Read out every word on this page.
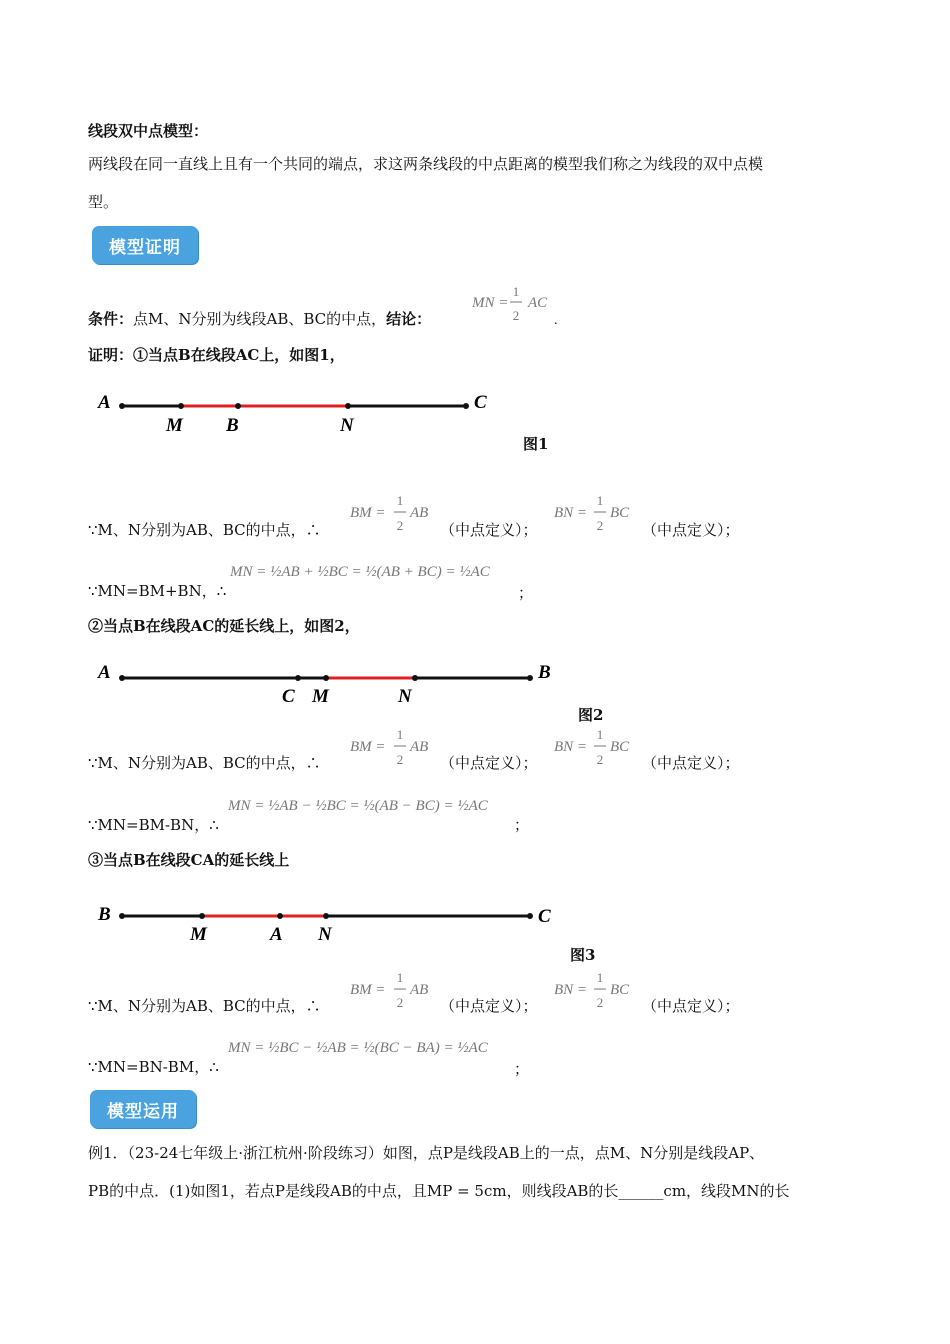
线段双中点模型：
两线段在同一直线上且有一个共同的端点，求这两条线段的中点距离的模型我们称之为线段的双中点模
型。
模型证明
条件：点M、N分别为线段AB、BC的中点，结论：
MN =
1
2
AC
.
证明：①当点B在线段AC上，如图1，
A
M B	N
C
图1
∵M、N分别为AB、BC的中点，∴
BM =
1
2
AB
（中点定义）；
BN =
1
2
BC
（中点定义）；
∵MN=BM+BN，∴
MN = ½AB + ½BC = ½(AB + BC) = ½AC
；
②当点B在线段AC的延长线上，如图2，
A
C M	N
B
图2
∵M、N分别为AB、BC的中点，∴
BM =
1
2
AB
（中点定义）；
BN =
1
2
BC
（中点定义）；
∵MN=BM-BN，∴
MN = ½AB − ½BC = ½(AB − BC) = ½AC
；
③当点B在线段CA的延长线上
B
M	A N
C
图3
∵M、N分别为AB、BC的中点，∴
BM =
1
2
AB
（中点定义）；
BN =
1
2
BC
（中点定义）；
∵MN=BN-BM，∴
MN = ½BC − ½AB = ½(BC − BA) = ½AC
；
模型运用
例1．（23-24七年级上·浙江杭州·阶段练习）如图，点P是线段AB上的一点，点M、N分别是线段AP、
PB的中点．(1)如图1，若点P是线段AB的中点，且MP = 5cm，则线段AB的长______cm，线段MN的长
